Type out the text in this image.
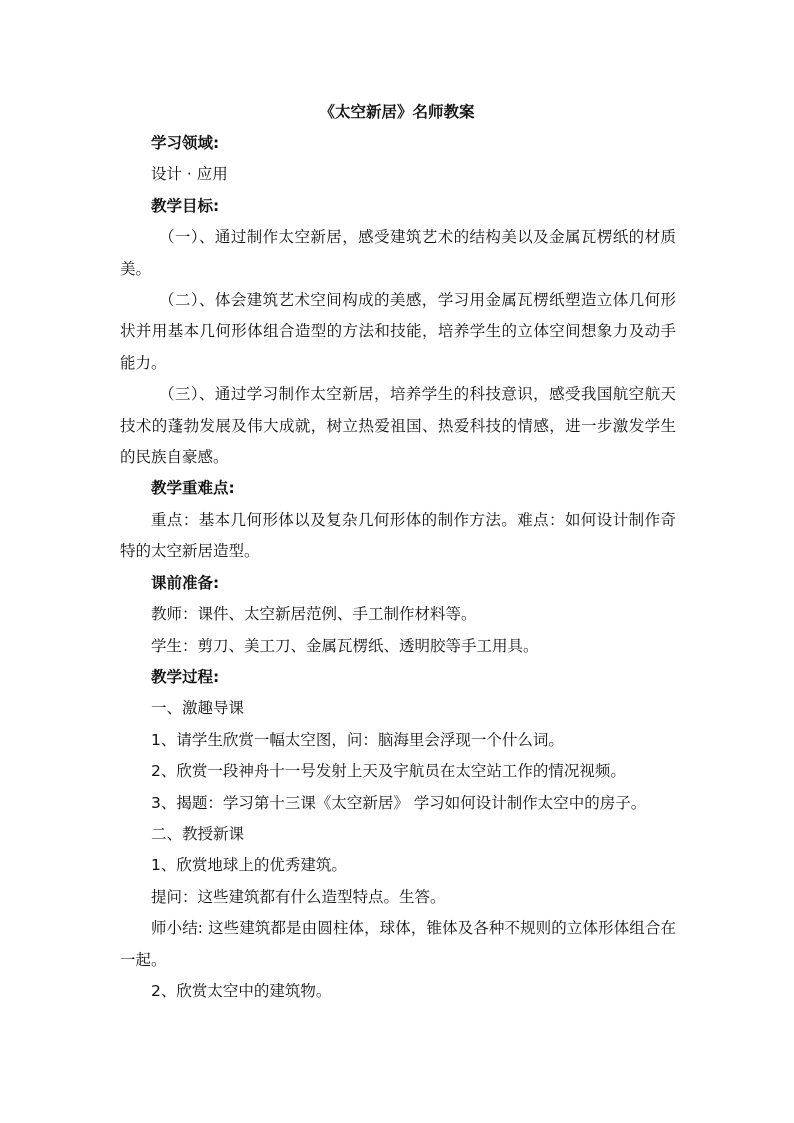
《太空新居》名师教案

学习领域:

设计 · 应用

教学目标:

（一）、通过制作太空新居，感受建筑艺术的结构美以及金属瓦楞纸的材质美。

（二）、体会建筑艺术空间构成的美感，学习用金属瓦楞纸塑造立体几何形状并用基本几何形体组合造型的方法和技能，培养学生的立体空间想象力及动手能力。

（三）、通过学习制作太空新居，培养学生的科技意识，感受我国航空航天技术的蓬勃发展及伟大成就，树立热爱祖国、热爱科技的情感，进一步激发学生的民族自豪感。

教学重难点:

重点：基本几何形体以及复杂几何形体的制作方法。难点：如何设计制作奇特的太空新居造型。

课前准备:

教师：课件、太空新居范例、手工制作材料等。

学生：剪刀、美工刀、金属瓦楞纸、透明胶等手工用具。

教学过程:

一、激趣导课

1、请学生欣赏一幅太空图，问：脑海里会浮现一个什么词。

2、欣赏一段神舟十一号发射上天及宇航员在太空站工作的情况视频。

3、揭题：学习第十三课《太空新居》 学习如何设计制作太空中的房子。

二、教授新课

1、欣赏地球上的优秀建筑。

提问：这些建筑都有什么造型特点。生答。

师小结: 这些建筑都是由圆柱体，球体，锥体及各种不规则的立体形体组合在一起。

2、欣赏太空中的建筑物。
